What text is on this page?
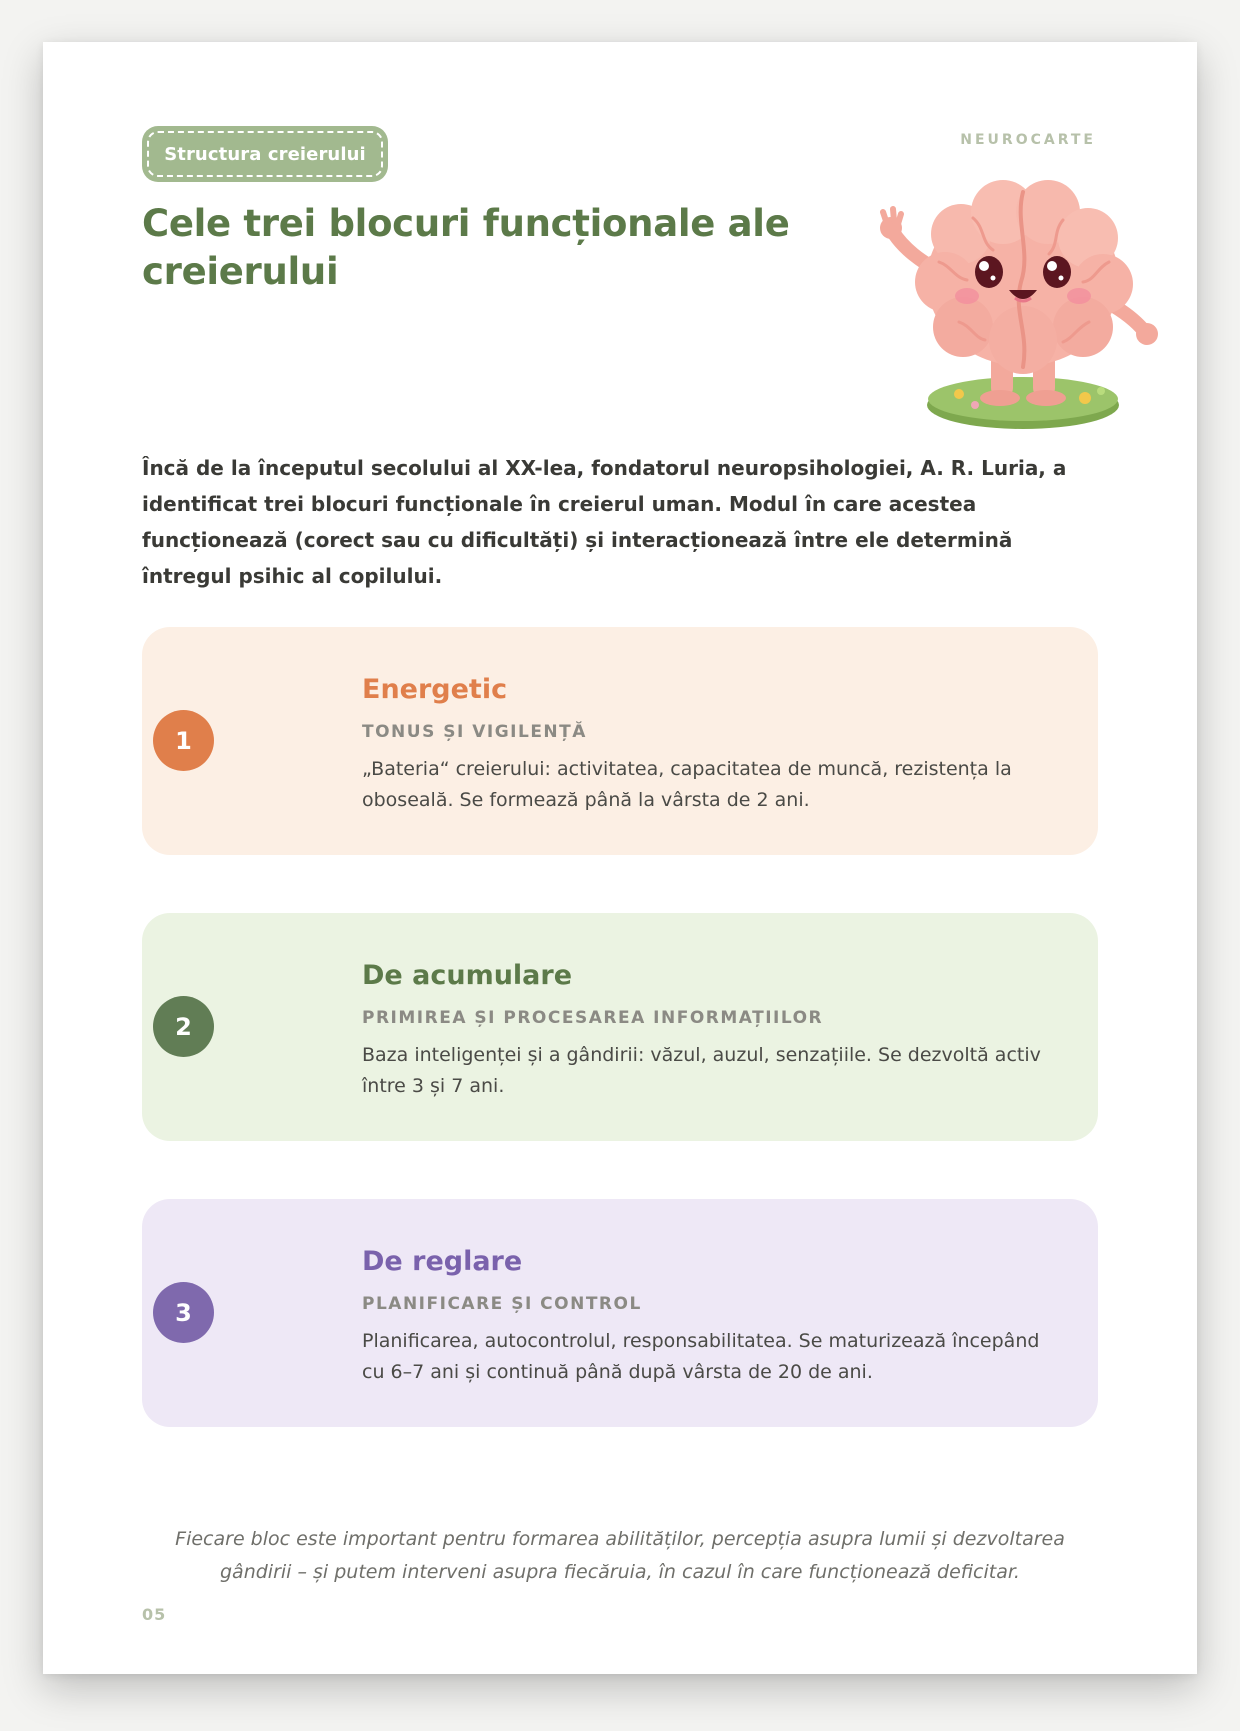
Structura creierului
NEUROCARTE
Cele trei blocuri funcționale ale creierului

Încă de la începutul secolului al XX-lea, fondatorul neuropsihologiei, A. R. Luria, a identificat trei blocuri funcționale în creierul uman. Modul în care acestea funcționează (corect sau cu dificultăți) și interacționează între ele determină întregul psihic al copilului.

1
Energetic
TONUS ȘI VIGILENȚĂ

„Bateria“ creierului: activitatea, capacitatea de muncă, rezistența la oboseală. Se formează până la vârsta de 2 ani.

2
De acumulare
PRIMIREA ȘI PROCESAREA INFORMAȚIILOR

Baza inteligenței și a gândirii: văzul, auzul, senzațiile. Se dezvoltă activ între 3 și 7 ani.

3
De reglare
PLANIFICARE ȘI CONTROL

Planificarea, autocontrolul, responsabilitatea. Se maturizează începând cu 6–7 ani și continuă până după vârsta de 20 de ani.

Fiecare bloc este important pentru formarea abilităților, percepția asupra lumii și dezvoltarea gândirii – și putem interveni asupra fiecăruia, în cazul în care funcționează deficitar.

05
